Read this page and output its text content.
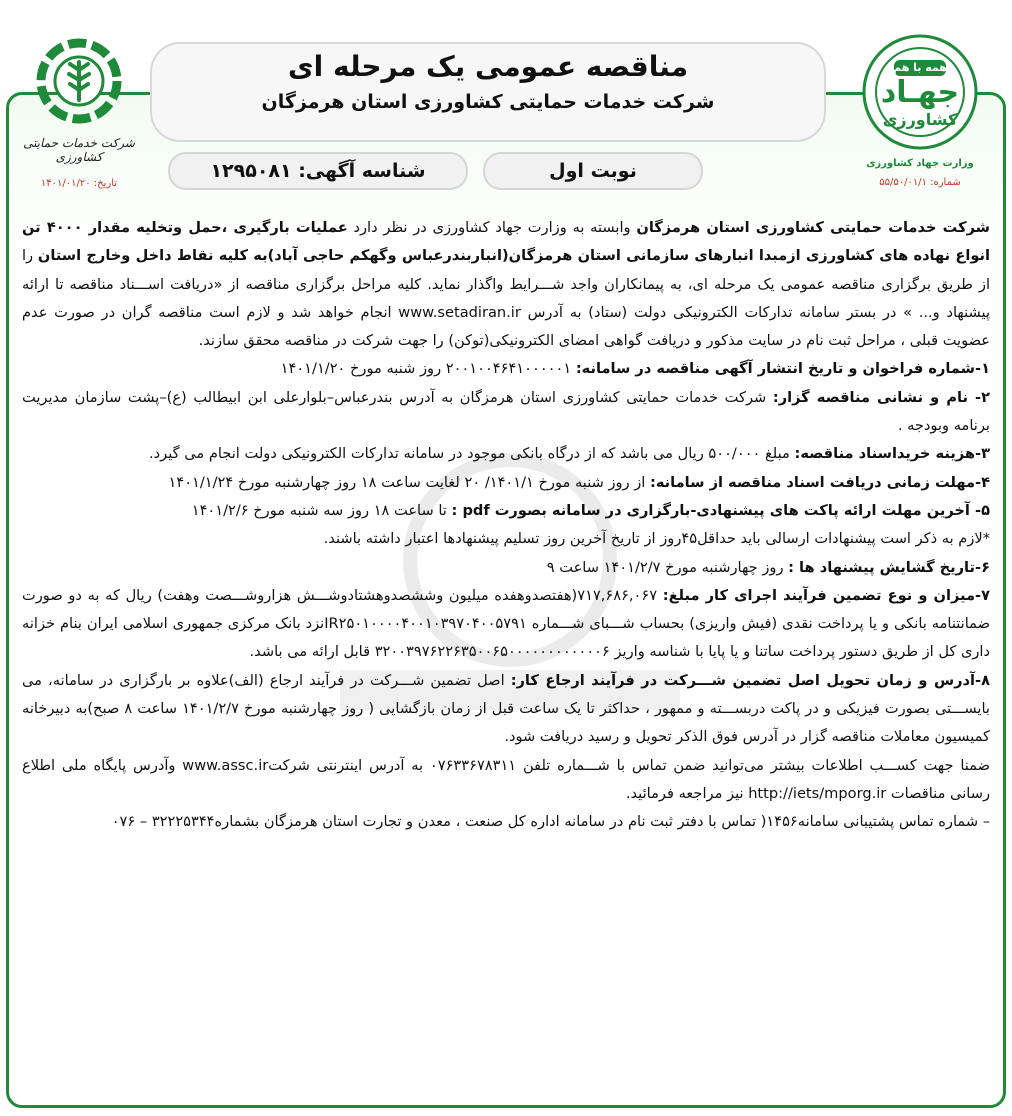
شرکت خدمات حمایتی کشاورزی
تاریخ: ۱۴۰۱/۰۱/۲۰
مناقصه عمومی یک مرحله ای
شرکت خدمات حمایتی کشاورزی استان هرمزگان
نوبت اول
شناسه آگهی: ۱۲۹۵۰۸۱
همه با هم
جهـاد
کشاورزی
وزارت جهاد کشاورزی
شماره: ۵۵/۵۰/۰۱/۱

شرکت خدمات حمایتی کشاورزی استان هرمزگان وابسته به وزارت جهاد کشاورزی در نظر دارد عملیات بارگیری ،حمل وتخلیه مقدار ۴۰۰۰ تن انواع نهاده های کشاورزی ازمبدا انبارهای سازمانی استان هرمزگان(انباربندرعباس وگهکم حاجی آباد)به کلیه نقاط داخل وخارج استان را از طریق برگزاری مناقصه عمومی یک مرحله ای، به پیمانکاران واجد شـــرایط واگذار نماید. کلیه مراحل برگزاری مناقصه از «دریافت اســـناد مناقصه تا ارائه پیشنهاد و... » در بستر سامانه تدارکات الکترونیکی دولت (ستاد) به آدرس www.setadiran.ir انجام خواهد شد و لازم است مناقصه گران در صورت عدم عضویت قبلی ، مراحل ثبت نام در سایت مذکور و دریافت گواهی امضای الکترونیکی(توکن) را جهت شرکت در مناقصه محقق سازند.

۱-شماره فراخوان و تاریخ انتشار آگهی مناقصه در سامانه: ۲۰۰۱۰۰۴۶۴۱۰۰۰۰۰۱ روز شنبه مورخ ۱۴۰۱/۱/۲۰

۲- نام و نشانی مناقصه گزار: شرکت خدمات حمایتی کشاورزی استان هرمزگان به آدرس بندرعباس–بلوارعلی ابن ابیطالب (ع)–پشت سازمان مدیریت برنامه وبودجه .

۳-هزینه خریداسناد مناقصه: مبلغ ۵۰۰/۰۰۰ ریال می باشد که از درگاه بانکی موجود در سامانه تدارکات الکترونیکی دولت انجام می گیرد.

۴-مهلت زمانی دریافت اسناد مناقصه از سامانه: از روز شنبه مورخ ۱۴۰۱/۱/ ۲۰ لغایت ساعت ۱۸ روز چهارشنبه مورخ ۱۴۰۱/۱/۲۴

۵- آخرین مهلت ارائه پاکت های پیشنهادی-بارگزاری در سامانه بصورت pdf : تا ساعت ۱۸ روز سه شنبه مورخ ۱۴۰۱/۲/۶

*لازم به ذکر است پیشنهادات ارسالی باید حداقل۴۵روز از تاریخ آخرین روز تسلیم پیشنهادها اعتبار داشته باشند.

۶-تاریخ گشایش پیشنهاد ها : روز چهارشنبه مورخ ۱۴۰۱/۲/۷ ساعت ۹

۷-میزان و نوع تضمین فرآیند اجرای کار مبلغ: ۷۱۷,۶۸۶,۰۶۷(هفتصدوهفده میلیون وششصدوهشتادوشـــش هزاروشـــصت وهفت) ریال که به دو صورت ضمانتنامه بانکی و یا پرداخت نقدی (فیش واریزی) بحساب شـــبای شـــماره IR۲۵۰۱۰۰۰۰۴۰۰۱۰۳۹۷۰۴۰۰۵۷۹۱نزد بانک مرکزی جمهوری اسلامی ایران بنام خزانه داری کل از طریق دستور پرداخت ساتنا و یا پایا با شناسه واریز ۳۲۰۰۳۹۷۶۲۲۶۳۵۰۰۶۵۰۰۰۰۰۰۰۰۰۰۰۰۶ قابل ارائه می باشد.

۸-آدرس و زمان تحویل اصل تضمین شـــرکت در فرآیند ارجاع کار: اصل تضمین شـــرکت در فرآیند ارجاع (الف)علاوه بر بارگزاری در سامانه، می بایســـتی بصورت فیزیکی و در پاکت دربســـته و ممهور ، حداکثر تا یک ساعت قبل از زمان بازگشایی ( روز چهارشنبه مورخ ۱۴۰۱/۲/۷ ساعت ۸ صبح)به دبیرخانه کمیسیون معاملات مناقصه گزار در آدرس فوق الذکر تحویل و رسید دریافت شود.

ضمنا جهت کســـب اطلاعات بیشتر می‌توانید ضمن تماس با شـــماره تلفن ۰۷۶۳۳۶۷۸۳۱۱ به آدرس اینترنتی شرکتwww.assc.ir وآدرس پایگاه ملی اطلاع رسانی مناقصات http://iets/mporg.ir نیز مراجعه فرمائید.

– شماره تماس پشتیبانی سامانه۱۴۵۶( تماس با دفتر ثبت نام در سامانه اداره کل صنعت ، معدن و تجارت استان هرمزگان بشماره۳۲۲۲۵۳۴۴ – ۰۷۶
